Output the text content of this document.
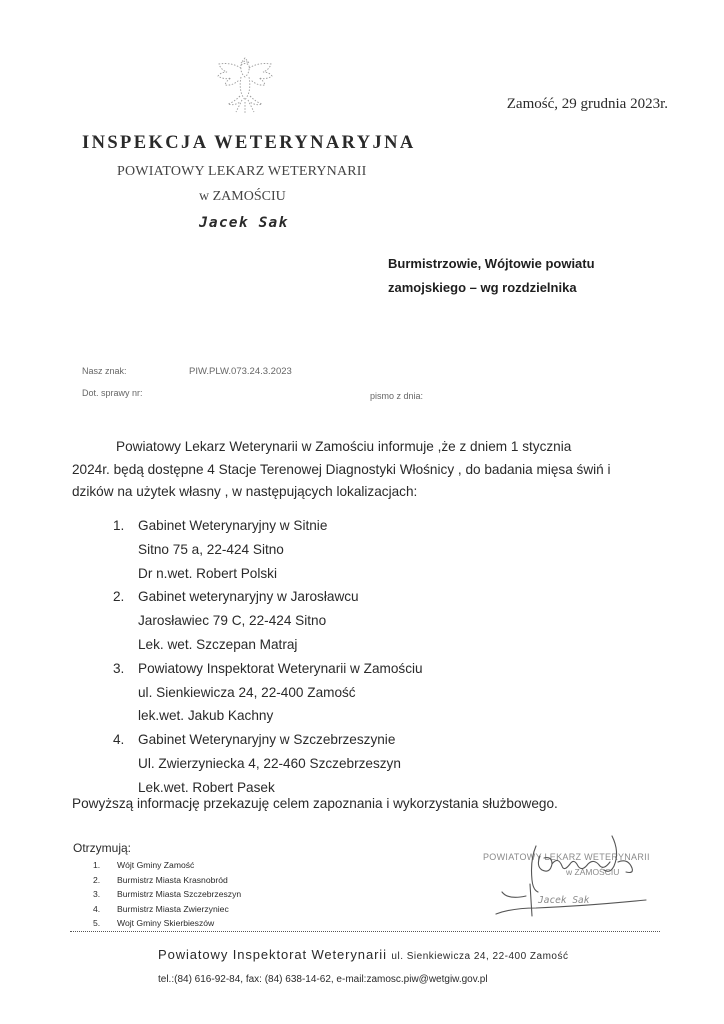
Zamość, 29 grudnia 2023r.
INSPEKCJA WETERYNARYJNA
POWIATOWY LEKARZ WETERYNARII
w ZAMOŚCIU
Jacek Sak
Burmistrzowie, Wójtowie powiatu
zamojskiego – wg rozdzielnika
Nasz znak:	PIW.PLW.073.24.3.2023
Dot. sprawy nr:	pismo z dnia:
Powiatowy Lekarz Weterynarii w Zamościu informuje ,że z dniem 1 stycznia
2024r. będą dostępne 4 Stacje Terenowej Diagnostyki Włośnicy , do badania mięsa świń i
dzików na użytek własny , w następujących lokalizacjach:
1. Gabinet Weterynaryjny w Sitnie
Sitno 75 a, 22-424 Sitno
Dr n.wet. Robert Polski
2. Gabinet weterynaryjny w Jarosławcu
Jarosławiec 79 C, 22-424 Sitno
Lek. wet. Szczepan Matraj
3. Powiatowy Inspektorat Weterynarii w Zamościu
ul. Sienkiewicza 24, 22-400 Zamość
lek.wet. Jakub Kachny
4. Gabinet Weterynaryjny w Szczebrzeszynie
Ul. Zwierzyniecka 4, 22-460 Szczebrzeszyn
Lek.wet. Robert Pasek
Powyższą informację przekazuję celem zapoznania i wykorzystania służbowego.
Otrzymują:
1. Wójt Gminy Zamość
2. Burmistrz Miasta Krasnobród
3. Burmistrz Miasta Szczebrzeszyn
4. Burmistrz Miasta Zwierzyniec
5. Wojt Gminy Skierbieszów
POWIATOWY LEKARZ WETERYNARII
w ZAMOŚCIU
Jacek Sak
Powiatowy Inspektorat Weterynarii ul. Sienkiewicza 24, 22-400 Zamość
tel.:(84) 616-92-84, fax: (84) 638-14-62, e-mail:zamosc.piw@wetgiw.gov.pl
